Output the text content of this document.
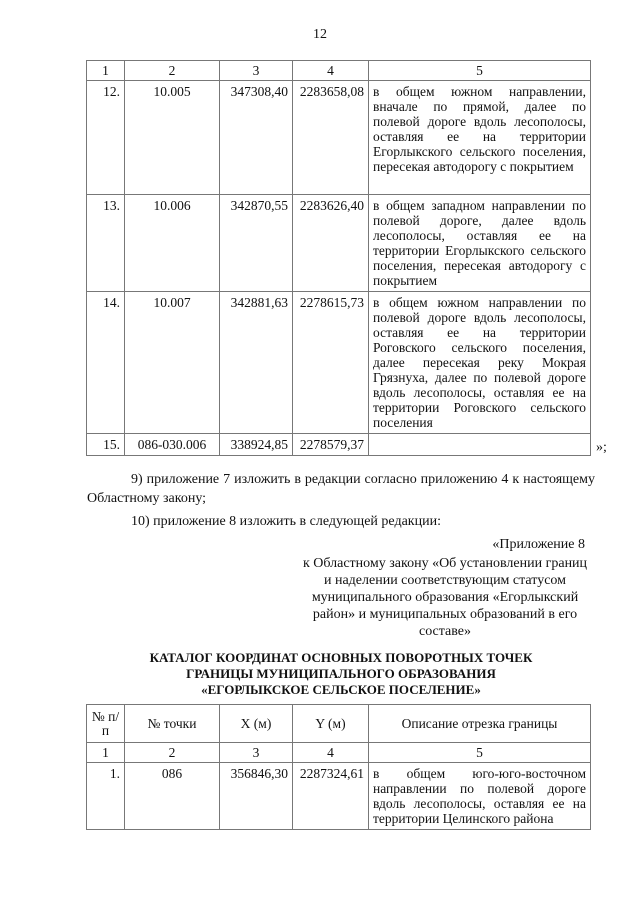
12
1	2	3	4	5
12.	10.005	347308,40	2283658,08	в общем южном направлении, вначале по прямой, далее по полевой дороге вдоль лесополосы, оставляя ее на территории Егорлыкского сельского поселения, пересекая автодорогу с покрытием
13.	10.006	342870,55	2283626,40	в общем западном направлении по полевой дороге, далее вдоль лесополосы, оставляя ее на территории Егорлыкского сельского поселения, пересекая автодорогу с покрытием
14.	10.007	342881,63	2278615,73	в общем южном направлении по полевой дороге вдоль лесополосы, оставляя ее на территории Роговского сельского поселения, далее пересекая реку Мокрая Грязнуха, далее по полевой дороге вдоль лесополосы, оставляя ее на территории Роговского сельского поселения
15.	086-030.006	338924,85	2278579,37		»;
9) приложение 7 изложить в редакции согласно приложению 4 к настоящему Областному закону;
10) приложение 8 изложить в следующей редакции:
«Приложение 8
к Областному закону «Об установлении границ и наделении соответствующим статусом муниципального образования «Егорлыкский район» и муниципальных образований в его составе»
КАТАЛОГ КООРДИНАТ ОСНОВНЫХ ПОВОРОТНЫХ ТОЧЕК
ГРАНИЦЫ МУНИЦИПАЛЬНОГО ОБРАЗОВАНИЯ
«ЕГОРЛЫКСКОЕ СЕЛЬСКОЕ ПОСЕЛЕНИЕ»
№ п/п	№ точки	X (м)	Y (м)	Описание отрезка границы
1	2	3	4	5
1.	086	356846,30	2287324,61	в общем юго-юго-восточном направлении по полевой дороге вдоль лесополосы, оставляя ее на территории Целинского района
